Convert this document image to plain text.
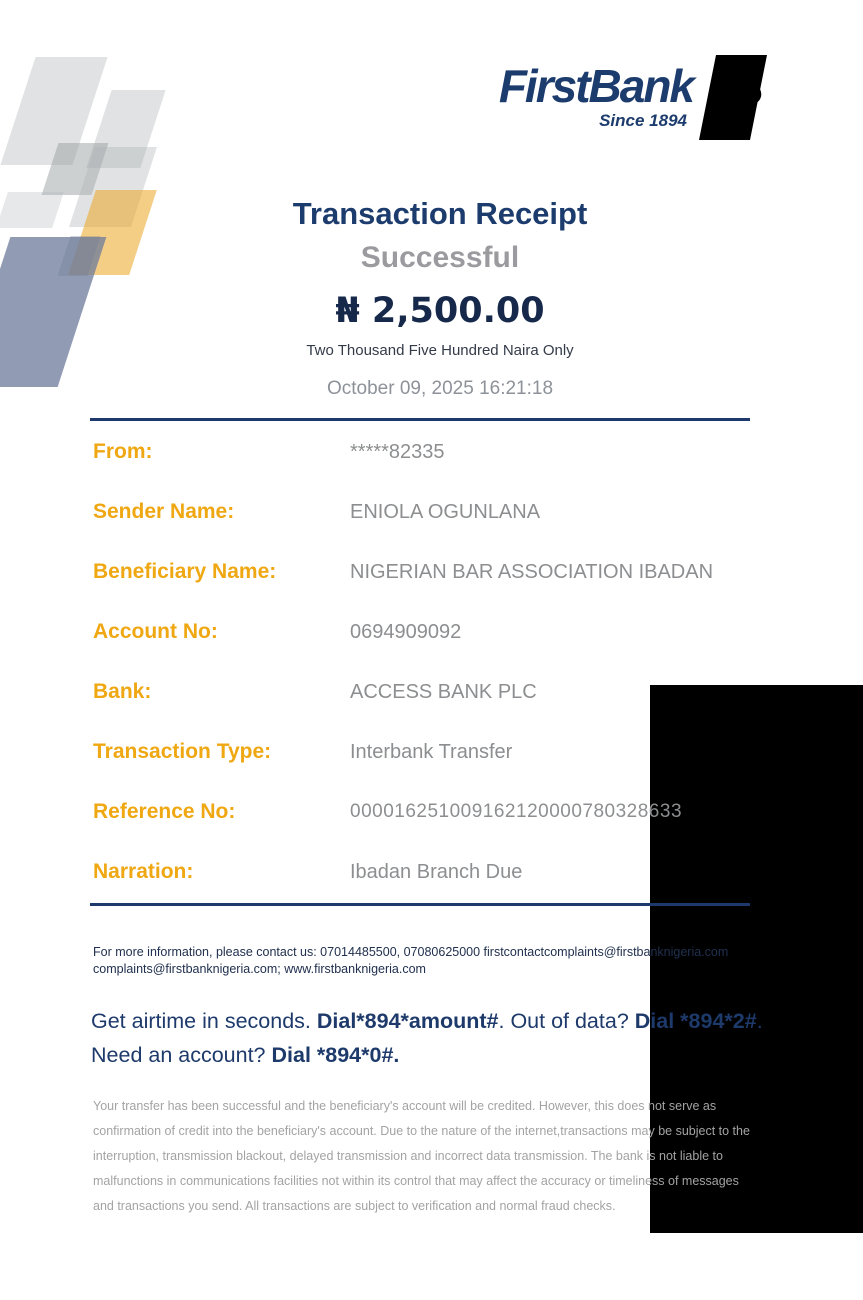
FirstBank
Since 1894
Transaction Receipt
Successful
₦ 2,500.00
Two Thousand Five Hundred Naira Only
October 09, 2025 16:21:18
From:	*****82335
Sender Name:	ENIOLA OGUNLANA
Beneficiary Name:	NIGERIAN BAR ASSOCIATION IBADAN
Account No:	0694909092
Bank:	ACCESS BANK PLC
Transaction Type:	Interbank Transfer
Reference No:	000016251009162120000780328633
Narration:	Ibadan Branch Due
For more information, please contact us: 07014485500, 07080625000 firstcontactcomplaints@firstbanknigeria.com complaints@firstbanknigeria.com; www.firstbanknigeria.com
Get airtime in seconds. Dial*894*amount#. Out of data? Dial *894*2#. Need an account? Dial *894*0#.
Your transfer has been successful and the beneficiary's account will be credited. However, this does not serve as confirmation of credit into the beneficiary's account. Due to the nature of the internet,transactions may be subject to the interruption, transmission blackout, delayed transmission and incorrect data transmission. The bank is not liable to malfunctions in communications facilities not within its control that may affect the accuracy or timeliness of messages and transactions you send. All transactions are subject to verification and normal fraud checks.
